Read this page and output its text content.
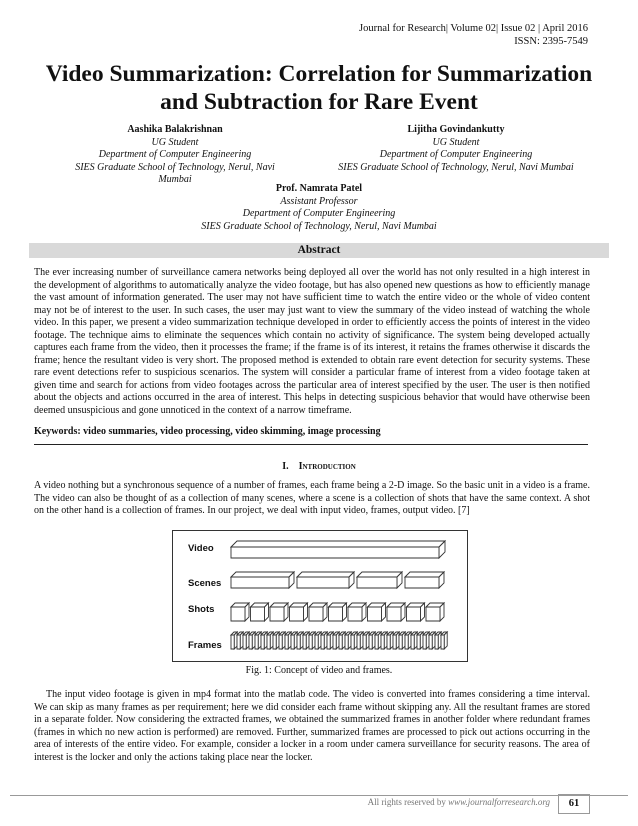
Journal for Research| Volume 02| Issue 02 | April 2016
ISSN: 2395-7549
Video Summarization: Correlation for Summarization and Subtraction for Rare Event
Aashika Balakrishnan
UG Student
Department of Computer Engineering
SIES Graduate School of Technology, Nerul, Navi Mumbai
Lijitha Govindankutty
UG Student
Department of Computer Engineering
SIES Graduate School of Technology, Nerul, Navi Mumbai
Prof. Namrata Patel
Assistant Professor
Department of Computer Engineering
SIES Graduate School of Technology, Nerul, Navi Mumbai
Abstract
The ever increasing number of surveillance camera networks being deployed all over the world has not only resulted in a high interest in the development of algorithms to automatically analyze the video footage, but has also opened new questions as how to efficiently manage the vast amount of information generated. The user may not have sufficient time to watch the entire video or the whole of video content may not be of interest to the user. In such cases, the user may just want to view the summary of the video instead of watching the whole video. In this paper, we present a video summarization technique developed in order to efficiently access the points of interest in the video footage. The technique aims to eliminate the sequences which contain no activity of significance. The system being developed actually captures each frame from the video, then it processes the frame; if the frame is of its interest, it retains the frames otherwise it discards the frame; hence the resultant video is very short. The proposed method is extended to obtain rare event detection for security systems. These rare event detections refer to suspicious scenarios. The system will consider a particular frame of interest from a video footage taken at given time and search for actions from video footages across the particular area of interest specified by the user. The user is then notified about the objects and actions occurred in the area of interest. This helps in detecting suspicious behavior that would have otherwise been deemed unsuspicious and gone unnoticed in the context of a narrow timeframe.
Keywords: video summaries, video processing, video skimming, image processing
I. Introduction
A video nothing but a synchronous sequence of a number of frames, each frame being a 2-D image. So the basic unit in a video is a frame. The video can also be thought of as a collection of many scenes, where a scene is a collection of shots that have the same context. A shot on the other hand is a collection of frames. In our project, we deal with input video, frames, output video. [7]
Video
Scenes
Shots
Frames
Fig. 1: Concept of video and frames.
The input video footage is given in mp4 format into the matlab code. The video is converted into frames considering a time interval. We can skip as many frames as per requirement; here we did consider each frame without skipping any. All the resultant frames are stored in a separate folder. Now considering the extracted frames, we obtained the summarized frames in another folder where redundant frames (frames in which no new action is performed) are removed. Further, summarized frames are processed to pick out actions occurring in the area of interests of the entire video. For example, consider a locker in a room under camera surveillance for security reasons. The area of interest is the locker and only the actions taking place near the locker.
All rights reserved by www.journalforresearch.org	61
